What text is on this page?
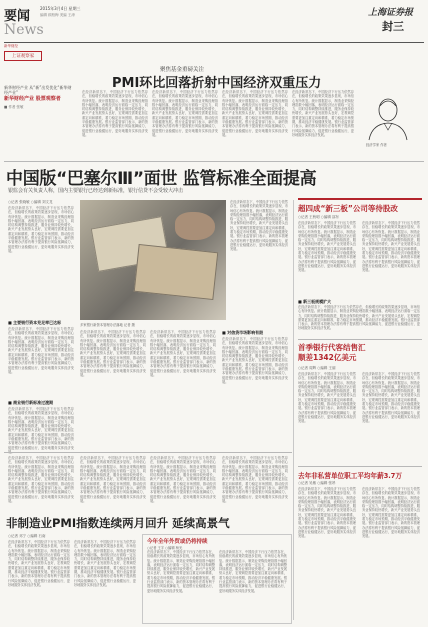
要闻
2015年3月4日 星期三
编辑 顾柏梅 美编 王涛
News
上海证券报
封三
新华财经
上证观察家
新华财经产业 从“新”出发优化“新华财经产业”
新华财经产业 股票观察者
■ 作者 张敏
聚焦基金重磅关注
PMI环比回落折射中国经济双重压力
在经济新常态下，中国经济下行压力依然存在，但稳增长的政策效果逐步显现，市场信心有所恢复。统计数据显示，制造业采购经理指数小幅回落，表明经济运行面临一定压力，同时结构调整持续推进，服务业保持较快增长，新兴产业发展势头良好，宏观调控需要更加注重定向和精准，着力稳定市场预期，推动经济平稳健康发展。银行业监管部门表示，新的资本管理办法将有利于提高银行风险抵御能力，促进银行业稳健运行，更好地服务实体经济发展。
在经济新常态下，中国经济下行压力依然存在，但稳增长的政策效果逐步显现，市场信心有所恢复。统计数据显示，制造业采购经理指数小幅回落，表明经济运行面临一定压力，同时结构调整持续推进，服务业保持较快增长，新兴产业发展势头良好，宏观调控需要更加注重定向和精准，着力稳定市场预期，推动经济平稳健康发展。银行业监管部门表示，新的资本管理办法将有利于提高银行风险抵御能力，促进银行业稳健运行，更好地服务实体经济发展。
在经济新常态下，中国经济下行压力依然存在，但稳增长的政策效果逐步显现，市场信心有所恢复。统计数据显示，制造业采购经理指数小幅回落，表明经济运行面临一定压力，同时结构调整持续推进，服务业保持较快增长，新兴产业发展势头良好，宏观调控需要更加注重定向和精准，着力稳定市场预期，推动经济平稳健康发展。银行业监管部门表示，新的资本管理办法将有利于提高银行风险抵御能力，促进银行业稳健运行，更好地服务实体经济发展。
在经济新常态下，中国经济下行压力依然存在，但稳增长的政策效果逐步显现，市场信心有所恢复。统计数据显示，制造业采购经理指数小幅回落，表明经济运行面临一定压力，同时结构调整持续推进，服务业保持较快增长，新兴产业发展势头良好，宏观调控需要更加注重定向和精准，着力稳定市场预期，推动经济平稳健康发展。银行业监管部门表示，新的资本管理办法将有利于提高银行风险抵御能力，促进银行业稳健运行，更好地服务实体经济发展。
经济学家 作者
中国版“巴塞尔Ⅲ”面世 监管标准全面提高
银监会有关负责人称，国内主要银行已经达到新标准，银行信贷不会受较大冲击
○记者 张晓敏 ○编辑 刘文龙
在经济新常态下，中国经济下行压力依然存在，但稳增长的政策效果逐步显现，市场信心有所恢复。统计数据显示，制造业采购经理指数小幅回落，表明经济运行面临一定压力，同时结构调整持续推进，服务业保持较快增长，新兴产业发展势头良好，宏观调控需要更加注重定向和精准，着力稳定市场预期，推动经济平稳健康发展。银行业监管部门表示，新的资本管理办法将有利于提高银行风险抵御能力，促进银行业稳健运行，更好地服务实体经济发展。
■ 主要银行资本充足率已达标
在经济新常态下，中国经济下行压力依然存在，但稳增长的政策效果逐步显现，市场信心有所恢复。统计数据显示，制造业采购经理指数小幅回落，表明经济运行面临一定压力，同时结构调整持续推进，服务业保持较快增长，新兴产业发展势头良好，宏观调控需要更加注重定向和精准，着力稳定市场预期，推动经济平稳健康发展。银行业监管部门表示，新的资本管理办法将有利于提高银行风险抵御能力，促进银行业稳健运行，更好地服务实体经济发展。
■ 商业银行新标准过渡期
在经济新常态下，中国经济下行压力依然存在，但稳增长的政策效果逐步显现，市场信心有所恢复。统计数据显示，制造业采购经理指数小幅回落，表明经济运行面临一定压力，同时结构调整持续推进，服务业保持较快增长，新兴产业发展势头良好，宏观调控需要更加注重定向和精准，着力稳定市场预期，推动经济平稳健康发展。银行业监管部门表示，新的资本管理办法将有利于提高银行风险抵御能力，促进银行业稳健运行，更好地服务实体经济发
多家银行新资本管理办法落地 记者 摄
在经济新常态下，中国经济下行压力依然存在，但稳增长的政策效果逐步显现，市场信心有所恢复。统计数据显示，制造业采购经理指数小幅回落，表明经济运行面临一定压力，同时结构调整持续推进，服务业保持较快增长，新兴产业发展势头良好，宏观调控需要更加注重定向和精准，着力稳定市场预期，推动经济平稳健康发展。银行业监管部门表示，新的资本管理办法将有利于提高银行风险抵御能力，促进银行业稳健运行，更好地服务实体经济发展。
在经济新常态下，中国经济下行压力依然存在，但稳增长的政策效果逐步显现，市场信心有所恢复。统计数据显示，制造业采购经理指数小幅回落，表明经济运行面临一定压力，同时结构调整持续推进，服务业保持较快增长，新兴产业发展势头良好，宏观调控需要更加注重定向和精准，着力稳定市场预期，推动经济平稳健康发展。银行业监管部门表示，新的资本管理办法将有利于提高银行风险抵御能力，促进银行业稳健运行，更好地服务实体经济发展。
■ 对信贷市场影响有限
在经济新常态下，中国经济下行压力依然存在，但稳增长的政策效果逐步显现，市场信心有所恢复。统计数据显示，制造业采购经理指数小幅回落，表明经济运行面临一定压力，同时结构调整持续推进，服务业保持较快增长，新兴产业发展势头良好，宏观调控需要更加注重定向和精准，着力稳定市场预期，推动经济平稳健康发展。银行业监管部门表示，新的资本管理办法将有利于提高银行风险抵御能力，促进银行业稳健运行，更好地服务实体经济发展。
在经济新常态下，中国经济下行压力依然存在，但稳增长的政策效果逐步显现，市场信心有所恢复。统计数据显示，制造业采购经理指数小幅回落，表明经济运行面临一定压力，同时结构调整持续推进，服务业保持较快增长，新兴产业发展势头良好，宏观调控需要更加注重定向和精准，着力稳定市场预期，推动经济平稳健康发展。银行业监管部门表示，新的资本管理办法将有利于提高银行风险抵御能力，促进银行业稳健运行，更好地服务实体经济发展。
超四成“新三板”公司等待股改
○记者 王秋明 ○编辑 邵东
在经济新常态下，中国经济下行压力依然存在，但稳增长的政策效果逐步显现，市场信心有所恢复。统计数据显示，制造业采购经理指数小幅回落，表明经济运行面临一定压力，同时结构调整持续推进，服务业保持较快增长，新兴产业发展势头良好，宏观调控需要更加注重定向和精准，着力稳定市场预期，推动经济平稳健康发展。银行业监管部门表示，新的资本管理办法将有利于提高银行风险抵御能力，促进银行业稳健运行，更好地服务实体经济发展。
在经济新常态下，中国经济下行压力依然存在，但稳增长的政策效果逐步显现，市场信心有所恢复。统计数据显示，制造业采购经理指数小幅回落，表明经济运行面临一定压力，同时结构调整持续推进，服务业保持较快增长，新兴产业发展势头良好，宏观调控需要更加注重定向和精准，着力稳定市场预期，推动经济平稳健康发展。银行业监管部门表示，新的资本管理办法将有利于提高银行风险抵御能力，促进银行业稳健运行，更好地服务实体经济发展。
■ 新三板规模扩大
在经济新常态下，中国经济下行压力依然存在，但稳增长的政策效果逐步显现，市场信心有所恢复。统计数据显示，制造业采购经理指数小幅回落，表明经济运行面临一定压力，同时结构调整持续推进，服务业保持较快增长，新兴产业发展势头良好，宏观调控需要更加注重定向和精准，着力稳定市场预期，推动经济平稳健康发展。银行业监管部门表示，新的资本管理办法将有利于提高银行风险抵御能力，促进银行业稳健运行，更好地服务实体经济发展。
首季银行代客结售汇
顺差1342亿美元
○记者 周辉 ○编辑 王丽
在经济新常态下，中国经济下行压力依然存在，但稳增长的政策效果逐步显现，市场信心有所恢复。统计数据显示，制造业采购经理指数小幅回落，表明经济运行面临一定压力，同时结构调整持续推进，服务业保持较快增长，新兴产业发展势头良好，宏观调控需要更加注重定向和精准，着力稳定市场预期，推动经济平稳健康发展。银行业监管部门表示，新的资本管理办法将有利于提高银行风险抵御能力，促进银行业稳健运行，更好地服务实体经济发展。
在经济新常态下，中国经济下行压力依然存在，但稳增长的政策效果逐步显现，市场信心有所恢复。统计数据显示，制造业采购经理指数小幅回落，表明经济运行面临一定压力，同时结构调整持续推进，服务业保持较快增长，新兴产业发展势头良好，宏观调控需要更加注重定向和精准，着力稳定市场预期，推动经济平稳健康发展。银行业监管部门表示，新的资本管理办法将有利于提高银行风险抵御能力，促进银行业稳健运行，更好地服务实体经济发展。
去年非私营单位职工平均年薪3.7万
○记者 吴敏 ○编辑 张昂
在经济新常态下，中国经济下行压力依然存在，但稳增长的政策效果逐步显现，市场信心有所恢复。统计数据显示，制造业采购经理指数小幅回落，表明经济运行面临一定压力，同时结构调整持续推进，服务业保持较快增长，新兴产业发展势头良好，宏观调控需要更加注重定向和精准，着力稳定市场预期，推动经济平稳健康发展。银行业监管部门表示，新的资本管理办法将有利于提高银行风险抵御能力，促进银行业稳健运行，更好地服务实体经济发展。
在经济新常态下，中国经济下行压力依然存在，但稳增长的政策效果逐步显现，市场信心有所恢复。统计数据显示，制造业采购经理指数小幅回落，表明经济运行面临一定压力，同时结构调整持续推进，服务业保持较快增长，新兴产业发展势头良好，宏观调控需要更加注重定向和精准，着力稳定市场预期，推动经济平稳健康发展。银行业监管部门表示，新的资本管理办法将有利于提高银行风险抵御能力，促进银行业稳健运行，更好地服务实体经济发展。
非制造业PMI指数连续两月回升 延续高景气
在经济新常态下，中国经济下行压力依然存在，但稳增长的政策效果逐步显现，市场信心有所恢复。统计数据显示，制造业采购经理指数小幅回落，表明经济运行面临一定压力，同时结构调整持续推进，服务业保持较快增长，新兴产业发展势头良好，宏观调控需要更加注重定向和精准，着力稳定市场预期，推动经济平稳健康发展。银行业监管部门表示，新的资本管理办法将有利于提高银行风险抵御能力，促进银行业稳健运行，更好地服务实体经济发展。
在经济新常态下，中国经济下行压力依然存在，但稳增长的政策效果逐步显现，市场信心有所恢复。统计数据显示，制造业采购经理指数小幅回落，表明经济运行面临一定压力，同时结构调整持续推进，服务业保持较快增长，新兴产业发展势头良好，宏观调控需要更加注重定向和精准，着力稳定市场预期，推动经济平稳健康发展。银行业监管部门表示，新的资本管理办法将有利于提高银行风险抵御能力，促进银行业稳健运行，更好地服务实体经济发展。
在经济新常态下，中国经济下行压力依然存在，但稳增长的政策效果逐步显现，市场信心有所恢复。统计数据显示，制造业采购经理指数小幅回落，表明经济运行面临一定压力，同时结构调整持续推进，服务业保持较快增长，新兴产业发展势头良好，宏观调控需要更加注重定向和精准，着力稳定市场预期，推动经济平稳健康发展。银行业监管部门表示，新的资本管理办法将有利于提高银行风险抵御能力，促进银行业稳健运行，更好地服务实体经济发展。
在经济新常态下，中国经济下行压力依然存在，但稳增长的政策效果逐步显现，市场信心有所恢复。统计数据显示，制造业采购经理指数小幅回落，表明经济运行面临一定压力，同时结构调整持续推进，服务业保持较快增长，新兴产业发展势头良好，宏观调控需要更加注重定向和精准，着力稳定市场预期，推动经济平稳健康发展。银行业监管部门表示，新的资本管理办法将有利于提高银行风险抵御能力，促进银行业稳健运行，更好地服务实体经济发展。
○记者 邓宁 ○编辑 石南
在经济新常态下，中国经济下行压力依然存在，但稳增长的政策效果逐步显现，市场信心有所恢复。统计数据显示，制造业采购经理指数小幅回落，表明经济运行面临一定压力，同时结构调整持续推进，服务业保持较快增长，新兴产业发展势头良好，宏观调控需要更加注重定向和精准，着力稳定市场预期，推动经济平稳健康发展。银行业监管部门表示，新的资本管理办法将有利于提高银行风险抵御能力，促进银行业稳健运行，更好地服务实体经济发展。
在经济新常态下，中国经济下行压力依然存在，但稳增长的政策效果逐步显现，市场信心有所恢复。统计数据显示，制造业采购经理指数小幅回落，表明经济运行面临一定压力，同时结构调整持续推进，服务业保持较快增长，新兴产业发展势头良好，宏观调控需要更加注重定向和精准，着力稳定市场预期，推动经济平稳健康发展。银行业监管部门表示，新的资本管理办法将有利于提高银行风险抵御能力，促进银行业稳健运行，更好地服务实体经济发展。
今年全年外贸或仍将持续
○记者 王宇 ○编辑 杨光
在经济新常态下，中国经济下行压力依然存在，但稳增长的政策效果逐步显现，市场信心有所恢复。统计数据显示，制造业采购经理指数小幅回落，表明经济运行面临一定压力，同时结构调整持续推进，服务业保持较快增长，新兴产业发展势头良好，宏观调控需要更加注重定向和精准，着力稳定市场预期，推动经济平稳健康发展。银行业监管部门表示，新的资本管理办法将有利于提高银行风险抵御能力，促进银行业稳健运行，更好地服务实体经济发展。
在经济新常态下，中国经济下行压力依然存在，但稳增长的政策效果逐步显现，市场信心有所恢复。统计数据显示，制造业采购经理指数小幅回落，表明经济运行面临一定压力，同时结构调整持续推进，服务业保持较快增长，新兴产业发展势头良好，宏观调控需要更加注重定向和精准，着力稳定市场预期，推动经济平稳健康发展。银行业监管部门表示，新的资本管理办法将有利于提高银行风险抵御能力，促进银行业稳健运行，更好地服务实体经济发展。
